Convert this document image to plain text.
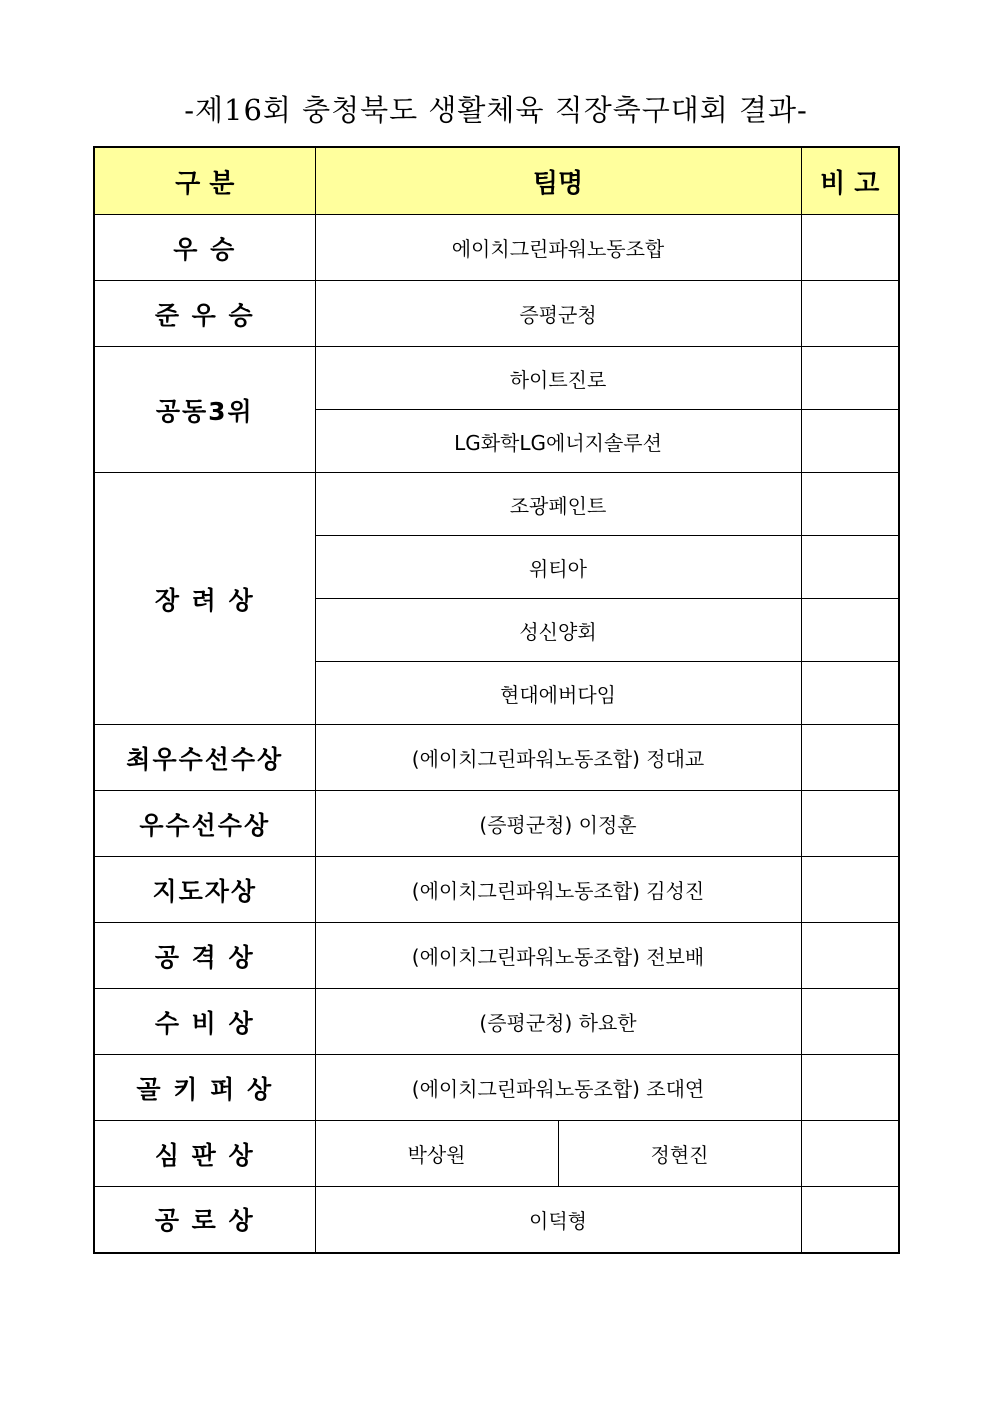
-제16회 충청북도 생활체육 직장축구대회 결과-
구 분	팀명		비 고
우 승	에이치그린파워노동조합		
준 우 승	증평군청		
공동3위	하이트진로		
	LG화학LG에너지솔루션		
장 려 상	조광페인트		
	위티아		
	성신양회		
	현대에버다임		
최우수선수상	(에이치그린파워노동조합) 정대교		
우수선수상	(증평군청) 이정훈		
지도자상	(에이치그린파워노동조합) 김성진		
공 격 상	(에이치그린파워노동조합) 전보배		
수 비 상	(증평군청) 하요한		
골 키 퍼 상	(에이치그린파워노동조합) 조대연		
심 판 상	박상원	정현진	
공 로 상	이덕형		
